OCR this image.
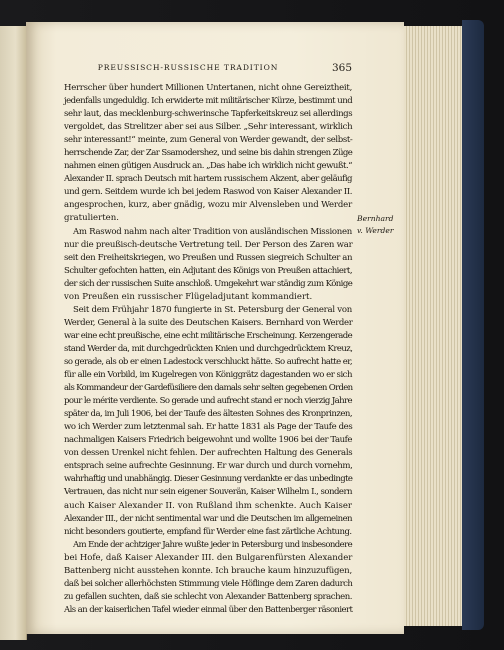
PREUSSISCH-RUSSISCHE TRADITION	365
Herrscher über hundert Millionen Untertanen, nicht ohne Gereiztheit,
jedenfalls ungeduldig. Ich erwiderte mit militärischer Kürze, bestimmt und
sehr laut, das mecklenburg-schwerinsche Tapferkeitskreuz sei allerdings
vergoldet, das Strelitzer aber sei aus Silber. „Sehr interessant, wirklich
sehr interessant!“ meinte, zum General von Werder gewandt, der selbst-
herrschende Zar, der Zar Ssamodershez, und seine bis dahin strengen Züge
nahmen einen gütigen Ausdruck an. „Das habe ich wirklich nicht gewußt.“
Alexander II. sprach Deutsch mit hartem russischem Akzent, aber geläufig
und gern. Seitdem wurde ich bei jedem Raswod von Kaiser Alexander II.
angesprochen, kurz, aber gnädig, wozu mir Alvensleben und Werder
gratulierten.
Am Raswod nahm nach alter Tradition von ausländischen Missionen
nur die preußisch-deutsche Vertretung teil. Der Person des Zaren war
seit den Freiheitskriegen, wo Preußen und Russen siegreich Schulter an
Schulter gefochten hatten, ein Adjutant des Königs von Preußen attachiert,
der sich der russischen Suite anschloß. Umgekehrt war ständig zum Könige
von Preußen ein russischer Flügeladjutant kommandiert.
Seit dem Frühjahr 1870 fungierte in St. Petersburg der General von
Werder, General à la suite des Deutschen Kaisers. Bernhard von Werder
war eine echt preußische, eine echt militärische Erscheinung. Kerzengerade
stand Werder da, mit durchgedrückten Knien und durchgedrücktem Kreuz,
so gerade, als ob er einen Ladestock verschluckt hätte. So aufrecht hatte er,
für alle ein Vorbild, im Kugelregen von Königgrätz dagestanden wo er sich
als Kommandeur der Gardefüsiliere den damals sehr selten gegebenen Orden
pour le mérite verdiente. So gerade und aufrecht stand er noch vierzig Jahre
später da, im Juli 1906, bei der Taufe des ältesten Sohnes des Kronprinzen,
wo ich Werder zum letztenmal sah. Er hatte 1831 als Page der Taufe des
nachmaligen Kaisers Friedrich beigewohnt und wollte 1906 bei der Taufe
von dessen Urenkel nicht fehlen. Der aufrechten Haltung des Generals
entsprach seine aufrechte Gesinnung. Er war durch und durch vornehm,
wahrhaftig und unabhängig. Dieser Gesinnung verdankte er das unbedingte
Vertrauen, das nicht nur sein eigener Souverän, Kaiser Wilhelm I., sondern
auch Kaiser Alexander II. von Rußland ihm schenkte. Auch Kaiser
Alexander III., der nicht sentimental war und die Deutschen im allgemeinen
nicht besonders goutierte, empfand für Werder eine fast zärtliche Achtung.
Am Ende der achtziger Jahre wußte jeder in Petersburg und insbesondere
bei Hofe, daß Kaiser Alexander III. den Bulgarenfürsten Alexander
Battenberg nicht ausstehen konnte. Ich brauche kaum hinzuzufügen,
daß bei solcher allerhöchsten Stimmung viele Höflinge dem Zaren dadurch
zu gefallen suchten, daß sie schlecht von Alexander Battenberg sprachen.
Als an der kaiserlichen Tafel wieder einmal über den Battenberger räsoniert
Bernhard
v. Werder
